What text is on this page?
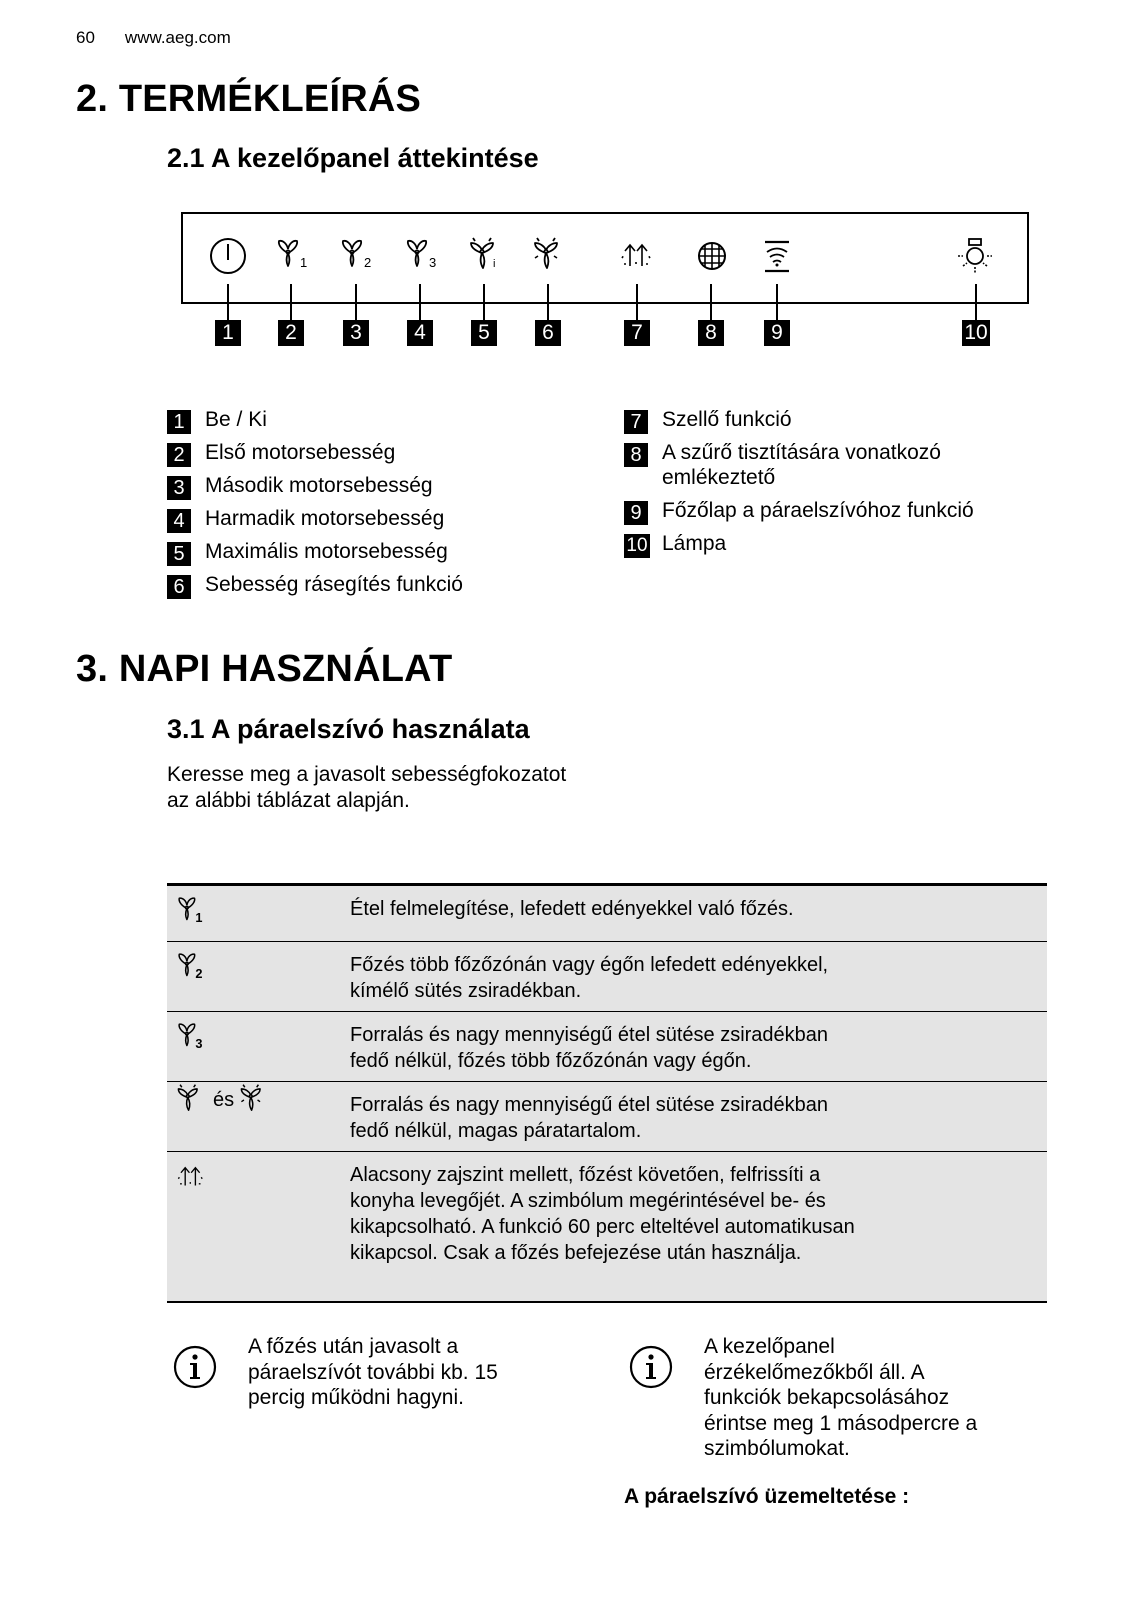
60 www.aeg.com
2. TERMÉKLEÍRÁS
2.1 A kezelőpanel áttekintése
1	2	3	i
1	2	3	4	5	6	7	8	9	10
1 Be / Ki
2 Első motorsebesség
3 Második motorsebesség
4 Harmadik motorsebesség
5 Maximális motorsebesség
6 Sebesség rásegítés funkció
7 Szellő funkció
8 A szűrő tisztítására vonatkozó emlékeztető
9 Főzőlap a páraelszívóhoz funkció
10 Lámpa
3. NAPI HASZNÁLAT
3.1 A páraelszívó használata
Keresse meg a javasolt sebességfokozatot az alábbi táblázat alapján.
1	Étel felmelegítése, lefedett edényekkel való főzés.
2	Főzés több főzőzónán vagy égőn lefedett edényekkel, kímélő sütés zsiradékban.
3	Forralás és nagy mennyiségű étel sütése zsiradékban fedő nélkül, főzés több főzőzónán vagy égőn.
és	Forralás és nagy mennyiségű étel sütése zsiradékban fedő nélkül, magas páratartalom.
Alacsony zajszint mellett, főzést követően, felfrissíti a konyha levegőjét. A szimbólum megérintésével be- és kikapcsolható. A funkció 60 perc elteltével automatikusan kikapcsol. Csak a főzés befejezése után használja.
A főzés után javasolt a páraelszívót további kb. 15 percig működni hagyni.
A kezelőpanel érzékelőmezőkből áll. A funkciók bekapcsolásához érintse meg 1 másodpercre a szimbólumokat.
A páraelszívó üzemeltetése :
